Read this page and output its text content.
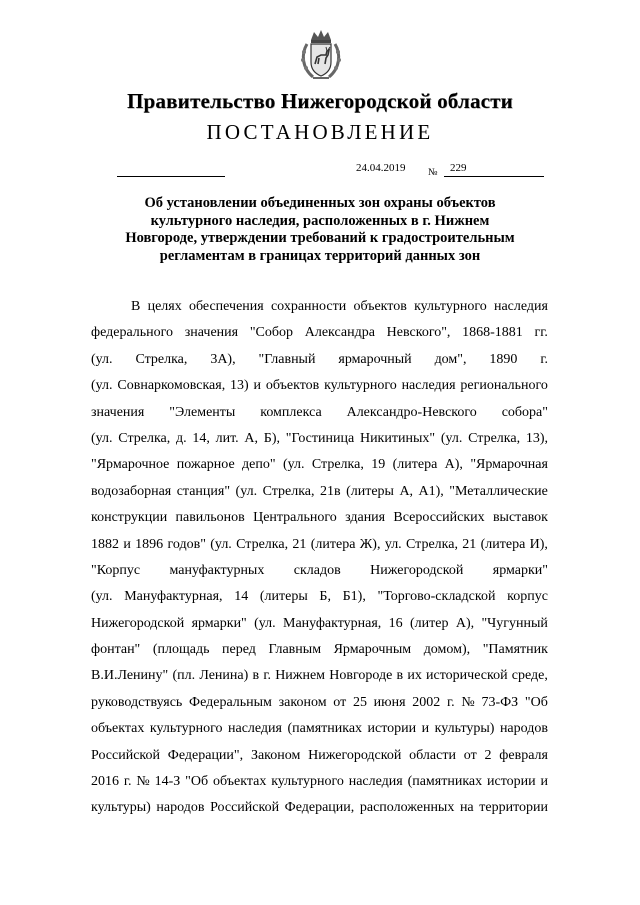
Правительство Нижегородской области
ПОСТАНОВЛЕНИЕ
24.04.2019 № 229
Об установлении объединенных зон охраны объектов
культурного наследия, расположенных в г. Нижнем
Новгороде, утверждении требований к градостроительным
регламентам в границах территорий данных зон
В целях обеспечения сохранности объектов культурного наследия
федерального значения "Собор Александра Невского", 1868-1881 гг.
(ул. Стрелка, 3А), "Главный ярмарочный дом", 1890 г.
(ул. Совнаркомовская, 13) и объектов культурного наследия регионального
значения "Элементы комплекса Александро-Невского собора"
(ул. Стрелка, д. 14, лит. А, Б), "Гостиница Никитиных" (ул. Стрелка, 13),
"Ярмарочное пожарное депо" (ул. Стрелка, 19 (литера А), "Ярмарочная
водозаборная станция" (ул. Стрелка, 21в (литеры А, А1), "Металлические
конструкции павильонов Центрального здания Всероссийских выставок
1882 и 1896 годов" (ул. Стрелка, 21 (литера Ж), ул. Стрелка, 21 (литера И),
"Корпус мануфактурных складов Нижегородской ярмарки"
(ул. Мануфактурная, 14 (литеры Б, Б1), "Торгово-складской корпус
Нижегородской ярмарки" (ул. Мануфактурная, 16 (литер А), "Чугунный
фонтан" (площадь перед Главным Ярмарочным домом), "Памятник
В.И.Ленину" (пл. Ленина) в г. Нижнем Новгороде в их исторической среде,
руководствуясь Федеральным законом от 25 июня 2002 г. № 73-ФЗ "Об
объектах культурного наследия (памятниках истории и культуры) народов
Российской Федерации", Законом Нижегородской области от 2 февраля
2016 г. № 14-З "Об объектах культурного наследия (памятниках истории и
культуры) народов Российской Федерации, расположенных на территории
